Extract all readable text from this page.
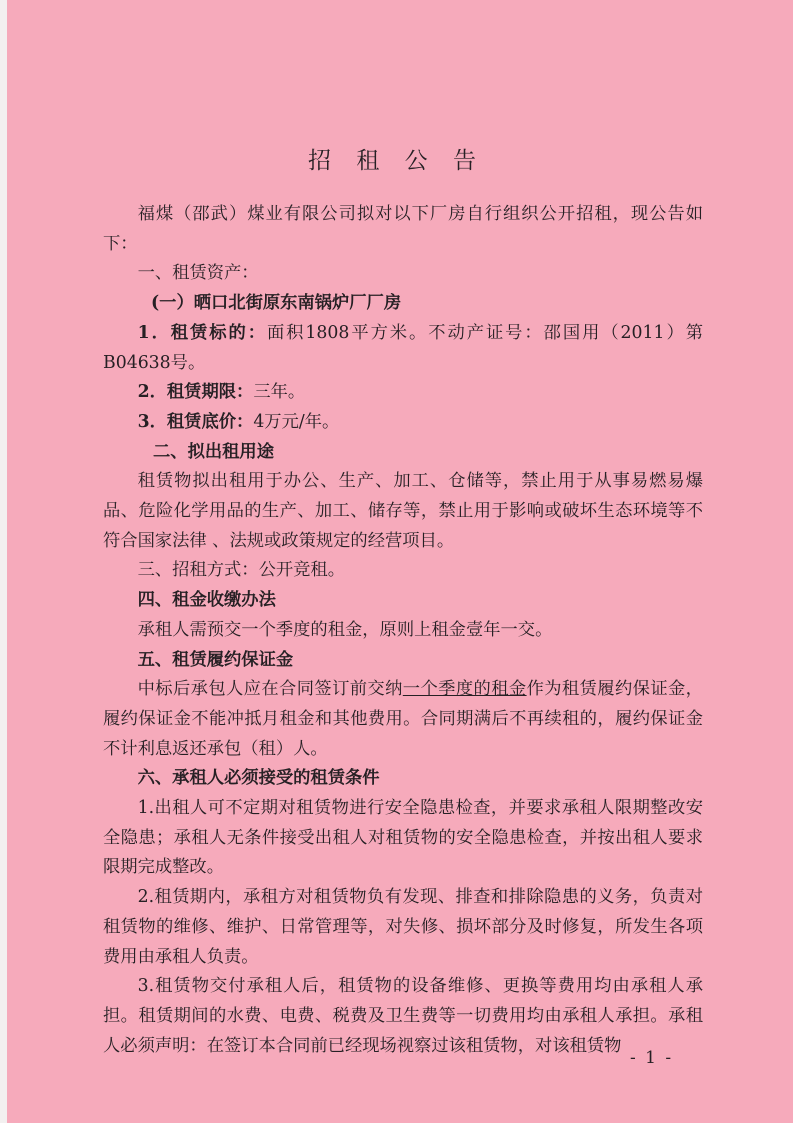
招 租 公 告

福煤（邵武）煤业有限公司拟对以下厂房自行组织公开招租，现公告如下：

一、租赁资产：

(一）晒口北街原东南锅炉厂厂房

1．租赁标的：面积1808平方米。不动产证号：邵国用（2011）第B04638号。

2．租赁期限：三年。

3．租赁底价：4万元/年。

二、拟出租用途

租赁物拟出租用于办公、生产、加工、仓储等，禁止用于从事易燃易爆品、危险化学用品的生产、加工、储存等，禁止用于影响或破坏生态环境等不符合国家法律 、法规或政策规定的经营项目。

三、招租方式：公开竞租。

四、租金收缴办法

承租人需预交一个季度的租金，原则上租金壹年一交。

五、租赁履约保证金

中标后承包人应在合同签订前交纳一个季度的租金作为租赁履约保证金，履约保证金不能冲抵月租金和其他费用。合同期满后不再续租的，履约保证金不计利息返还承包（租）人。

六、承租人必须接受的租赁条件

1.出租人可不定期对租赁物进行安全隐患检查，并要求承租人限期整改安全隐患；承租人无条件接受出租人对租赁物的安全隐患检查，并按出租人要求限期完成整改。

2.租赁期内，承租方对租赁物负有发现、排查和排除隐患的义务，负责对租赁物的维修、维护、日常管理等，对失修、损坏部分及时修复，所发生各项费用由承租人负责。

3.租赁物交付承租人后，租赁物的设备维修、更换等费用均由承租人承担。租赁期间的水费、电费、税费及卫生费等一切费用均由承租人承担。承租人必须声明：在签订本合同前已经现场视察过该租赁物，对该租赁物

- 1 -
